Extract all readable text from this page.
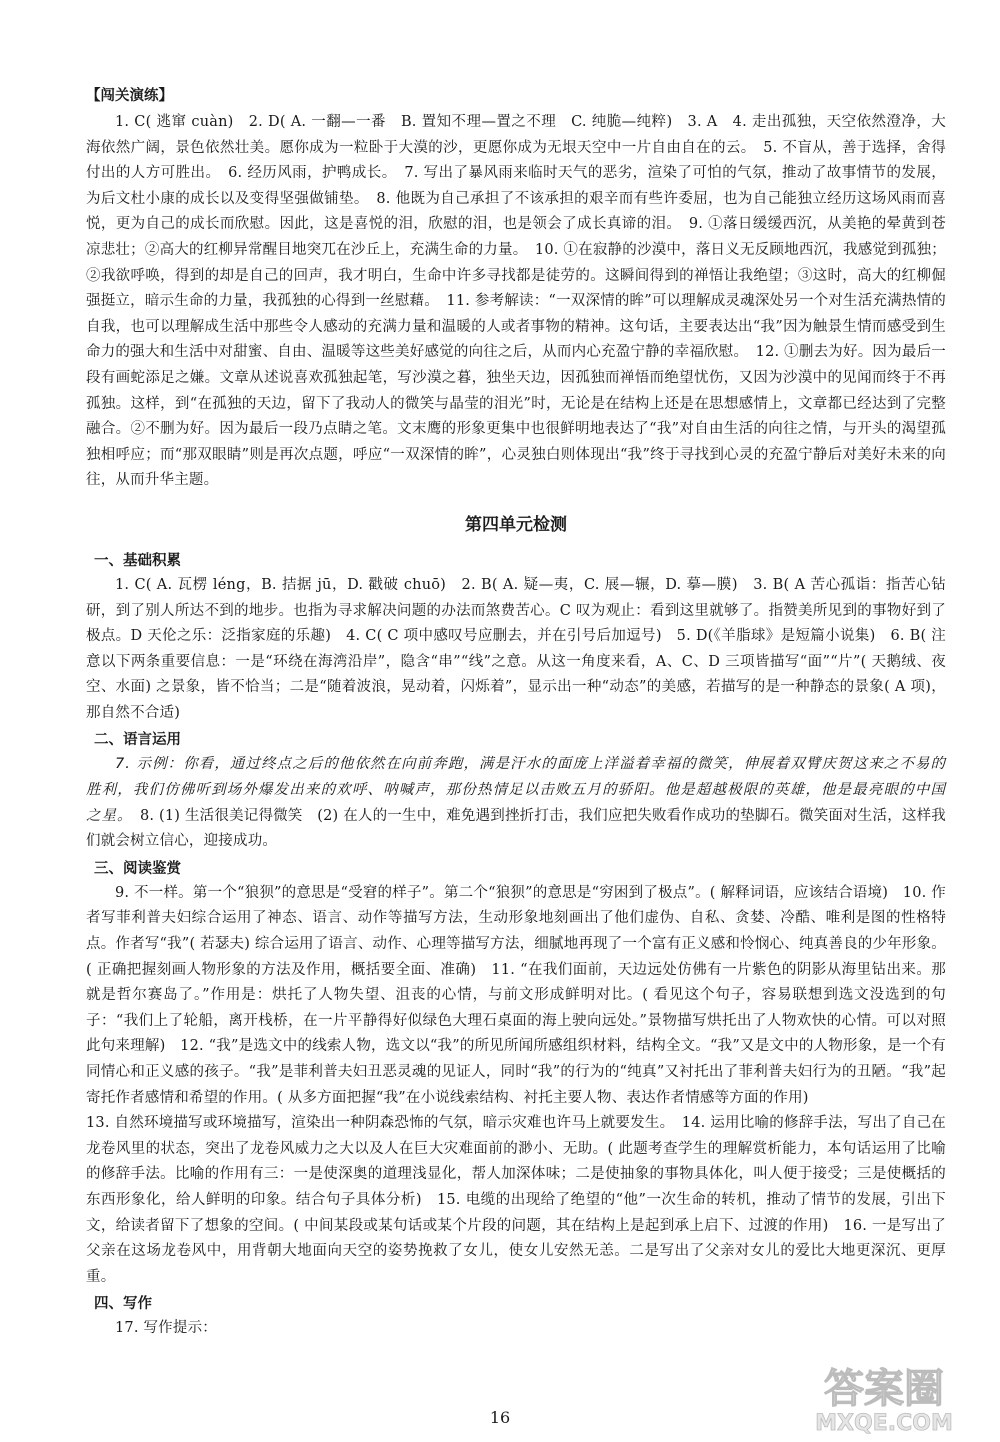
【闯关演练】

1. C( 逃窜 cuàn)　2. D( A. 一翻—一番　B. 置知不理—置之不理　C. 纯脆—纯粹)　3. A　4. 走出孤独，天空依然澄净，大海依然广阔，景色依然壮美。愿你成为一粒卧于大漠的沙，更愿你成为无垠天空中一片自由自在的云。　5. 不盲从，善于选择，舍得付出的人方可胜出。　6. 经历风雨，护鸭成长。　7. 写出了暴风雨来临时天气的恶劣，渲染了可怕的气氛，推动了故事情节的发展，为后文杜小康的成长以及变得坚强做铺垫。　8. 他既为自己承担了不该承担的艰辛而有些许委屈，也为自己能独立经历这场风雨而喜悦，更为自己的成长而欣慰。因此，这是喜悦的泪，欣慰的泪，也是领会了成长真谛的泪。　9. ①落日缓缓西沉，从美艳的晕黄到苍凉悲壮；②高大的红柳异常醒目地突兀在沙丘上，充满生命的力量。　10. ①在寂静的沙漠中，落日义无反顾地西沉，我感觉到孤独；②我欲呼唤，得到的却是自己的回声，我才明白，生命中许多寻找都是徒劳的。这瞬间得到的禅悟让我绝望；③这时，高大的红柳倔强挺立，暗示生命的力量，我孤独的心得到一丝慰藉。　11. 参考解读：“一双深情的眸”可以理解成灵魂深处另一个对生活充满热情的自我，也可以理解成生活中那些令人感动的充满力量和温暖的人或者事物的精神。这句话，主要表达出“我”因为触景生情而感受到生命力的强大和生活中对甜蜜、自由、温暖等这些美好感觉的向往之后，从而内心充盈宁静的幸福欣慰。　12. ①删去为好。因为最后一段有画蛇添足之嫌。文章从述说喜欢孤独起笔，写沙漠之暮，独坐天边，因孤独而禅悟而绝望忧伤，又因为沙漠中的见闻而终于不再孤独。这样，到“在孤独的天边，留下了我动人的微笑与晶莹的泪光”时，无论是在结构上还是在思想感情上，文章都已经达到了完整融合。②不删为好。因为最后一段乃点睛之笔。文末鹰的形象更集中也很鲜明地表达了“我”对自由生活的向往之情，与开头的渴望孤独相呼应；而“那双眼睛”则是再次点题，呼应“一双深情的眸”，心灵独白则体现出“我”终于寻找到心灵的充盈宁静后对美好未来的向往，从而升华主题。

第四单元检测

一、基础积累

1. C( A. 瓦楞 léng，B. 拮据 jū，D. 戳破 chuō)　2. B( A. 疑—夷，C. 展—辗，D. 摹—膜)　3. B( A 苦心孤诣：指苦心钻研，到了别人所达不到的地步。也指为寻求解决问题的办法而煞费苦心。C 叹为观止：看到这里就够了。指赞美所见到的事物好到了极点。D 天伦之乐：泛指家庭的乐趣)　4. C( C 项中感叹号应删去，并在引号后加逗号)　5. D(《羊脂球》是短篇小说集)　6. B( 注意以下两条重要信息：一是“环绕在海湾沿岸”，隐含“串”“线”之意。从这一角度来看，A、C、D 三项皆描写“面”“片”( 天鹅绒、夜空、水面) 之景象，皆不恰当；二是“随着波浪，晃动着，闪烁着”，显示出一种“动态”的美感，若描写的是一种静态的景象( A 项)，那自然不合适)

二、语言运用

7. 示例：你看，通过终点之后的他依然在向前奔跑，满是汗水的面庞上洋溢着幸福的微笑，伸展着双臂庆贺这来之不易的胜利，我们仿佛听到场外爆发出来的欢呼、呐喊声，那份热情足以击败五月的骄阳。他是超越极限的英雄，他是最亮眼的中国之星。　8. (1) 生活很美记得微笑　(2) 在人的一生中，难免遇到挫折打击，我们应把失败看作成功的垫脚石。微笑面对生活，这样我们就会树立信心，迎接成功。

三、阅读鉴赏

9. 不一样。第一个“狼狈”的意思是“受窘的样子”。第二个“狼狈”的意思是“穷困到了极点”。( 解释词语，应该结合语境)　10. 作者写菲利普夫妇综合运用了神态、语言、动作等描写方法，生动形象地刻画出了他们虚伪、自私、贪婪、冷酷、唯利是图的性格特点。作者写“我”( 若瑟夫) 综合运用了语言、动作、心理等描写方法，细腻地再现了一个富有正义感和怜悯心、纯真善良的少年形象。( 正确把握刻画人物形象的方法及作用，概括要全面、准确)　11. “在我们面前，天边远处仿佛有一片紫色的阴影从海里钻出来。那就是哲尔赛岛了。”作用是：烘托了人物失望、沮丧的心情，与前文形成鲜明对比。( 看见这个句子，容易联想到选文没选到的句子：“我们上了轮船，离开栈桥，在一片平静得好似绿色大理石桌面的海上驶向远处。”景物描写烘托出了人物欢快的心情。可以对照此句来理解)　12. “我”是选文中的线索人物，选文以“我”的所见所闻所感组织材料，结构全文。“我”又是文中的人物形象，是一个有同情心和正义感的孩子。“我”是菲利普夫妇丑恶灵魂的见证人，同时“我”的行为的“纯真”又衬托出了菲利普夫妇行为的丑陋。“我”起寄托作者感情和希望的作用。( 从多方面把握“我”在小说线索结构、衬托主要人物、表达作者情感等方面的作用)

13. 自然环境描写或环境描写，渲染出一种阴森恐怖的气氛，暗示灾难也许马上就要发生。　14. 运用比喻的修辞手法，写出了自己在龙卷风里的状态，突出了龙卷风威力之大以及人在巨大灾难面前的渺小、无助。( 此题考查学生的理解赏析能力，本句话运用了比喻的修辞手法。比喻的作用有三：一是使深奥的道理浅显化，帮人加深体味；二是使抽象的事物具体化，叫人便于接受；三是使概括的东西形象化，给人鲜明的印象。结合句子具体分析)　15. 电缆的出现给了绝望的“他”一次生命的转机，推动了情节的发展，引出下文，给读者留下了想象的空间。( 中间某段或某句话或某个片段的问题，其在结构上是起到承上启下、过渡的作用)　16. 一是写出了父亲在这场龙卷风中，用背朝大地面向天空的姿势挽救了女儿，使女儿安然无恙。二是写出了父亲对女儿的爱比大地更深沉、更厚重。

四、写作

17. 写作提示：

16
答案圈
MXQE.COM
